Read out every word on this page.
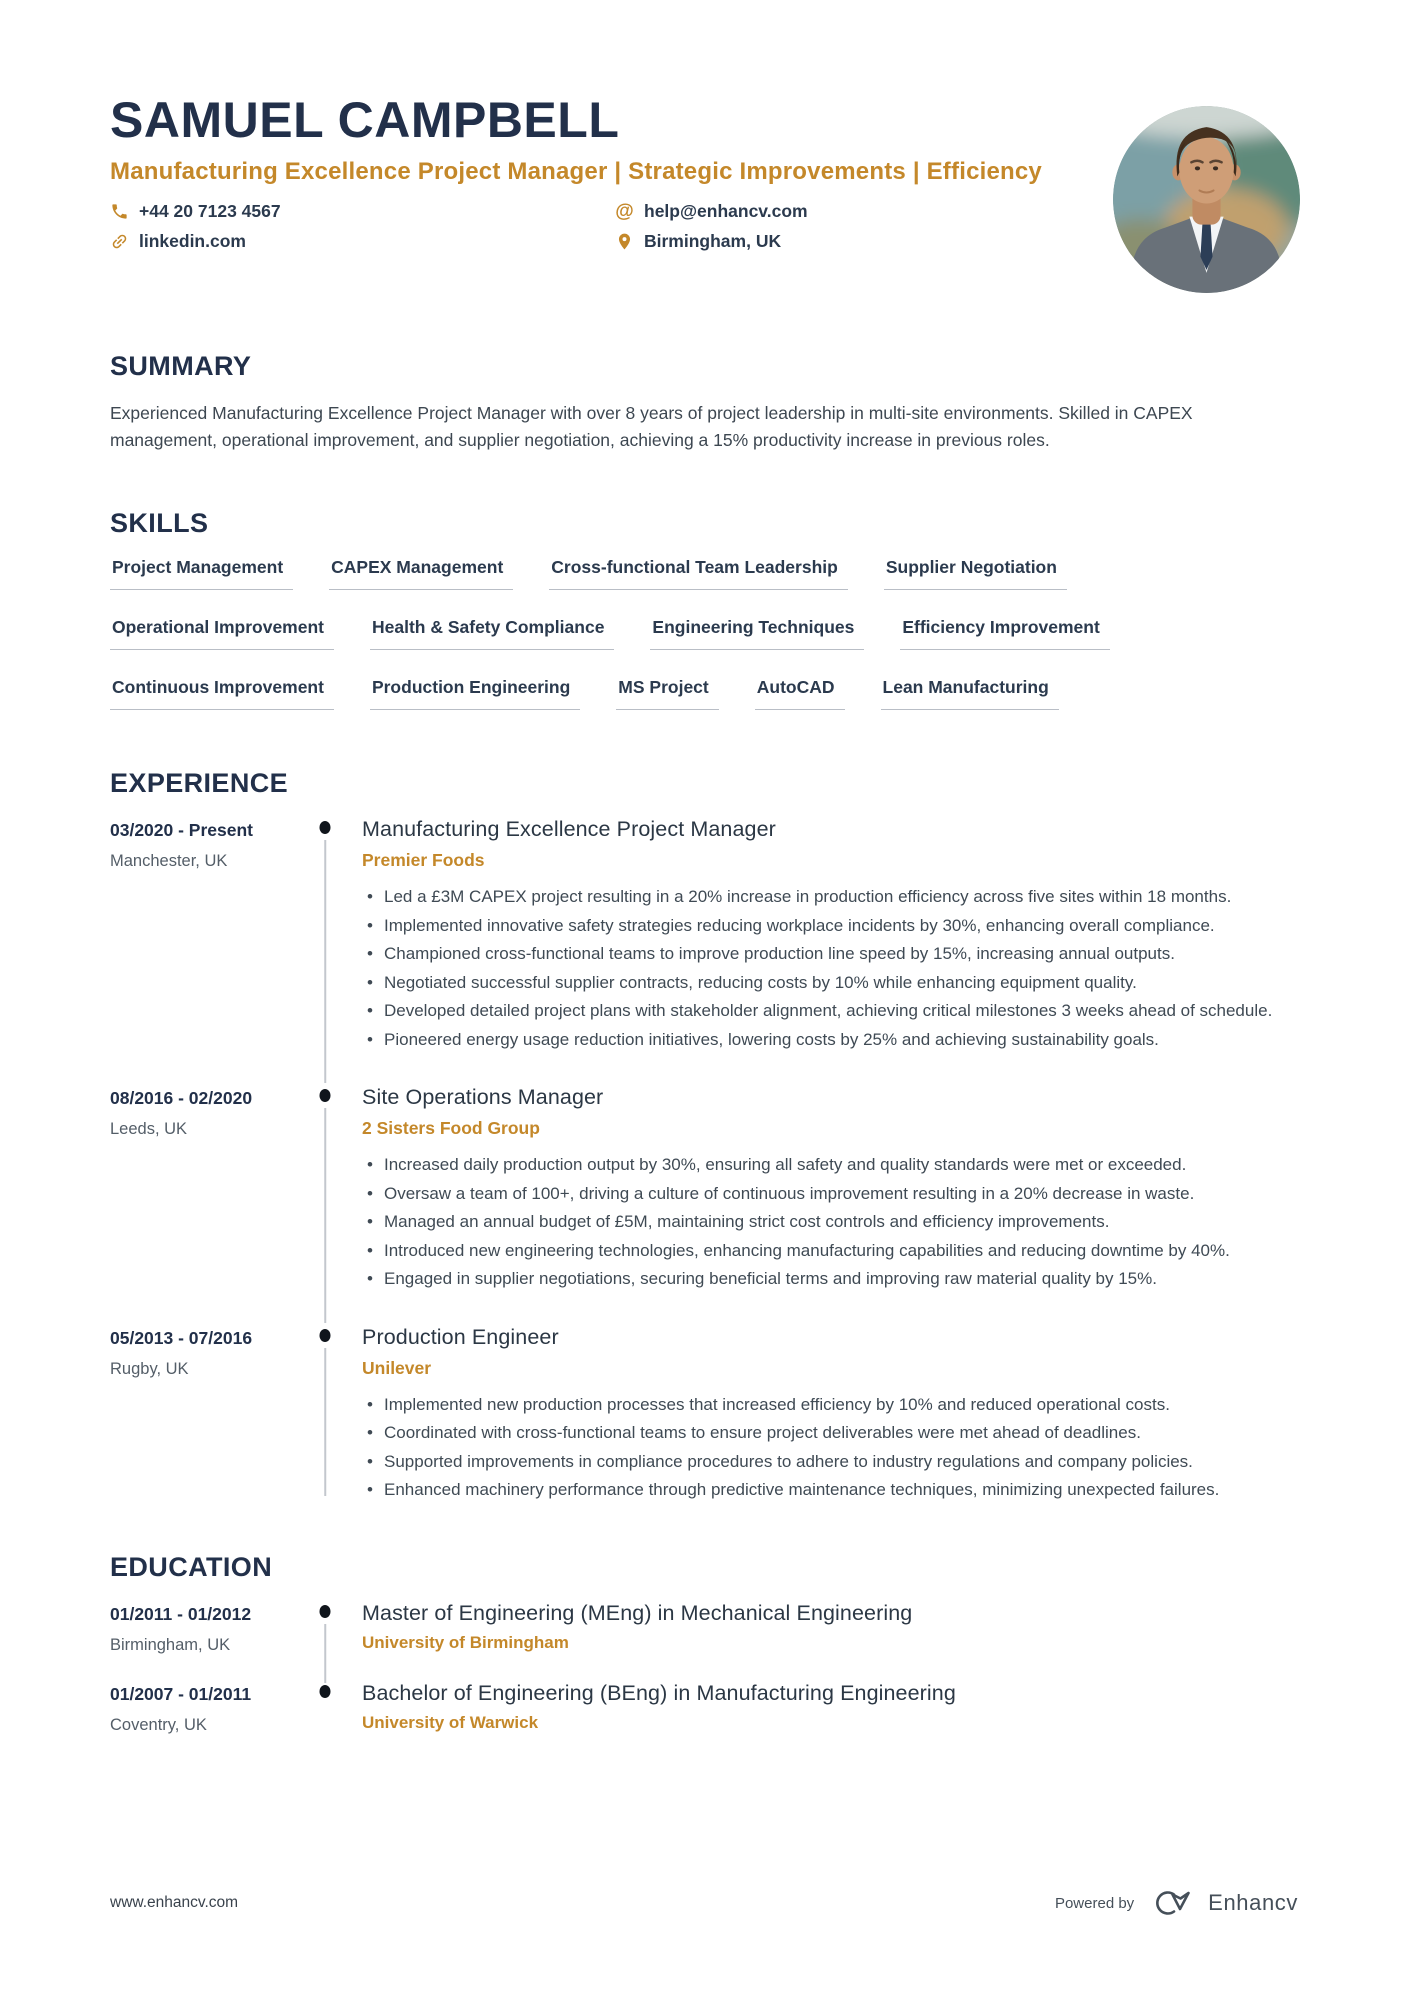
SAMUEL CAMPBELL
Manufacturing Excellence Project Manager | Strategic Improvements | Efficiency
+44 20 7123 4567	@ help@enhancv.com
linkedin.com	Birmingham, UK
SUMMARY

Experienced Manufacturing Excellence Project Manager with over 8 years of project leadership in multi-site environments. Skilled in CAPEX management, operational improvement, and supplier negotiation, achieving a 15% productivity increase in previous roles.

SKILLS
Project Management	CAPEX Management	Cross-functional Team Leadership	Supplier Negotiation
Operational Improvement	Health & Safety Compliance	Engineering Techniques	Efficiency Improvement
Continuous Improvement	Production Engineering	MS Project	AutoCAD	Lean Manufacturing
EXPERIENCE
03/2020 - Present
Manchester, UK
Manufacturing Excellence Project Manager
Premier Foods
• Led a £3M CAPEX project resulting in a 20% increase in production efficiency across five sites within 18 months.
• Implemented innovative safety strategies reducing workplace incidents by 30%, enhancing overall compliance.
• Championed cross-functional teams to improve production line speed by 15%, increasing annual outputs.
• Negotiated successful supplier contracts, reducing costs by 10% while enhancing equipment quality.
• Developed detailed project plans with stakeholder alignment, achieving critical milestones 3 weeks ahead of schedule.
• Pioneered energy usage reduction initiatives, lowering costs by 25% and achieving sustainability goals.
08/2016 - 02/2020
Leeds, UK
Site Operations Manager
2 Sisters Food Group
• Increased daily production output by 30%, ensuring all safety and quality standards were met or exceeded.
• Oversaw a team of 100+, driving a culture of continuous improvement resulting in a 20% decrease in waste.
• Managed an annual budget of £5M, maintaining strict cost controls and efficiency improvements.
• Introduced new engineering technologies, enhancing manufacturing capabilities and reducing downtime by 40%.
• Engaged in supplier negotiations, securing beneficial terms and improving raw material quality by 15%.
05/2013 - 07/2016
Rugby, UK
Production Engineer
Unilever
• Implemented new production processes that increased efficiency by 10% and reduced operational costs.
• Coordinated with cross-functional teams to ensure project deliverables were met ahead of deadlines.
• Supported improvements in compliance procedures to adhere to industry regulations and company policies.
• Enhanced machinery performance through predictive maintenance techniques, minimizing unexpected failures.
EDUCATION
01/2011 - 01/2012
Birmingham, UK
Master of Engineering (MEng) in Mechanical Engineering
University of Birmingham
01/2007 - 01/2011
Coventry, UK
Bachelor of Engineering (BEng) in Manufacturing Engineering
University of Warwick
www.enhancv.com	Powered by	Enhancv
